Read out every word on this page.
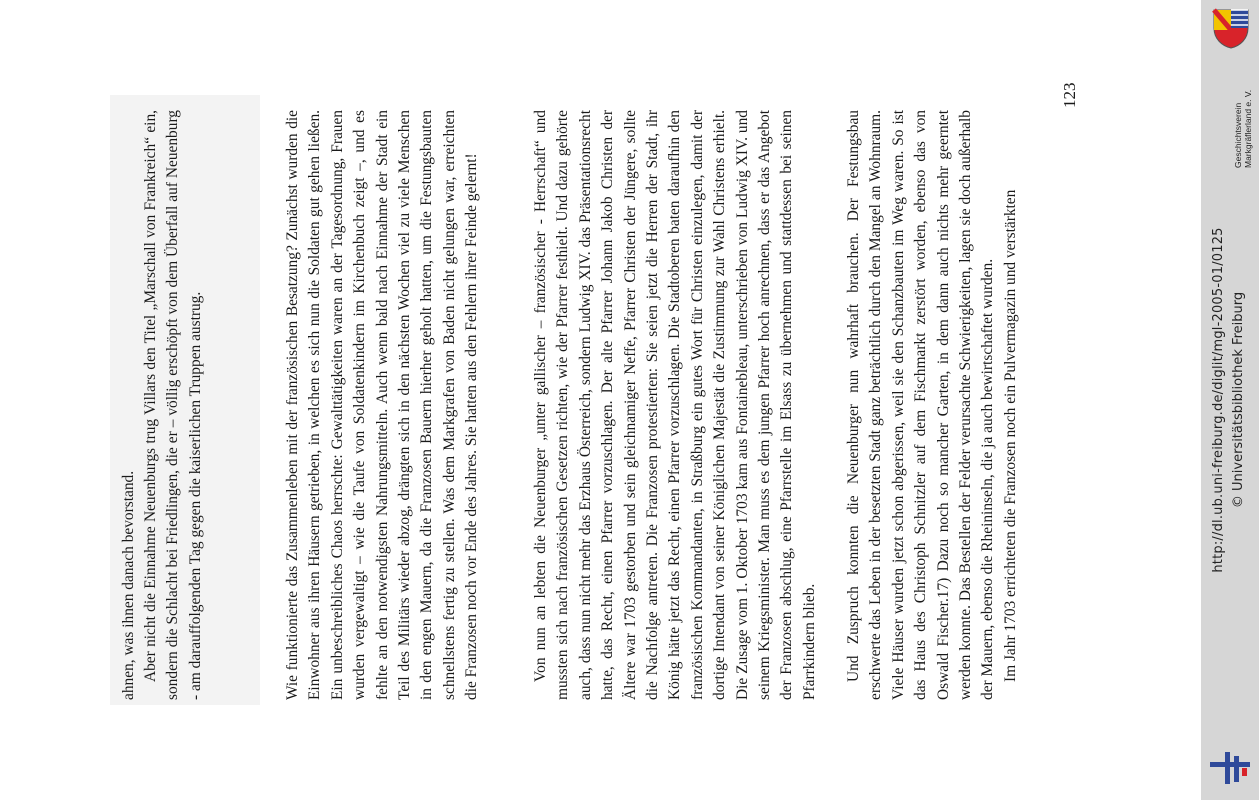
ahnen, was ihnen danach bevorstand. Aber nicht die Einnahme Neuenburgs trug Villars den Titel „Marschall von Frankreich“ ein, sondern die Schlacht bei Friedlingen, die er – völlig erschöpft von dem Überfall auf Neuenburg - am darauffolgenden Tag gegen die kaiserlichen Truppen austrug.	Wie funktionierte das Zusammenleben mit der französischen Besatzung? Zunächst wurden die Einwohner aus ihren Häusern getrieben, in welchen es sich nun die Soldaten gut gehen ließen. Ein unbeschreibliches Chaos herrschte: Gewalttätigkeiten waren an der Tagesordnung, Frauen wurden vergewaltigt – wie die Taufe von Soldatenkindern im Kirchenbuch zeigt –, und es fehlte an den notwendigsten Nahrungsmitteln. Auch wenn bald nach Einnahme der Stadt ein Teil des Militärs wieder abzog, drängten sich in den nächsten Wochen viel zu viele Menschen in den engen Mauern, da die Franzosen Bauern hierher geholt hatten, um die Festungsbauten schnellstens fertig zu stellen. Was dem Markgrafen von Baden nicht gelungen war, erreichten die Franzosen noch vor Ende des Jahres. Sie hatten aus den Fehlern ihrer Feinde gelernt!	Von nun an lebten die Neuenburger „unter gallischer – französischer - Herrschaft“ und mussten sich nach französischen Gesetzen richten, wie der Pfarrer festhielt. Und dazu gehörte auch, dass nun nicht mehr das Erzhaus Österreich, sondern Ludwig XIV. das Präsentationsrecht hatte, das Recht, einen Pfarrer vorzuschlagen. Der alte Pfarrer Johann Jakob Christen der Ältere war 1703 gestorben und sein gleichnamiger Neffe, Pfarrer Christen der Jüngere, sollte die Nachfolge antreten. Die Franzosen protestierten: Sie seien jetzt die Herren der Stadt, ihr König hätte jetzt das Recht, einen Pfarrer vorzuschlagen. Die Stadtoberen baten daraufhin den französischen Kommandanten, in Straßburg ein gutes Wort für Christen einzulegen, damit der dortige Intendant von seiner Königlichen Majestät die Zustimmung zur Wahl Christens erhielt. Die Zusage vom 1. Oktober 1703 kam aus Fontainebleau, unterschrieben von Ludwig XIV. und seinem Kriegsminister. Man muss es dem jungen Pfarrer hoch anrechnen, dass er das Angebot der Franzosen abschlug, eine Pfarrstelle im Elsass zu übernehmen und stattdessen bei seinen Pfarrkindern blieb. Und Zuspruch konnten die Neuenburger nun wahrhaft brauchen. Der Festungsbau erschwerte das Leben in der besetzten Stadt ganz beträchtlich durch den Mangel an Wohnraum. Viele Häuser wurden jetzt schon abgerissen, weil sie den Schanzbauten im Weg waren. So ist das Haus des Christoph Schnitzler auf dem Fischmarkt zerstört worden, ebenso das von Oswald Fischer.17) Dazu noch so mancher Garten, in dem dann auch nichts mehr geerntet werden konnte. Das Bestellen der Felder verursachte Schwierigkeiten, lagen sie doch außerhalb der Mauern, ebenso die Rheininseln, die ja auch bewirtschaftet wurden. Im Jahr 1703 errichteten die Franzosen noch ein Pulvermagazin und verstärkten

123
http://dl.ub.uni-freiburg.de/diglit/mgl-2005-01/0125 © Universitätsbibliothek Freiburg
Geschichtsverein Markgräflerland e. V.
